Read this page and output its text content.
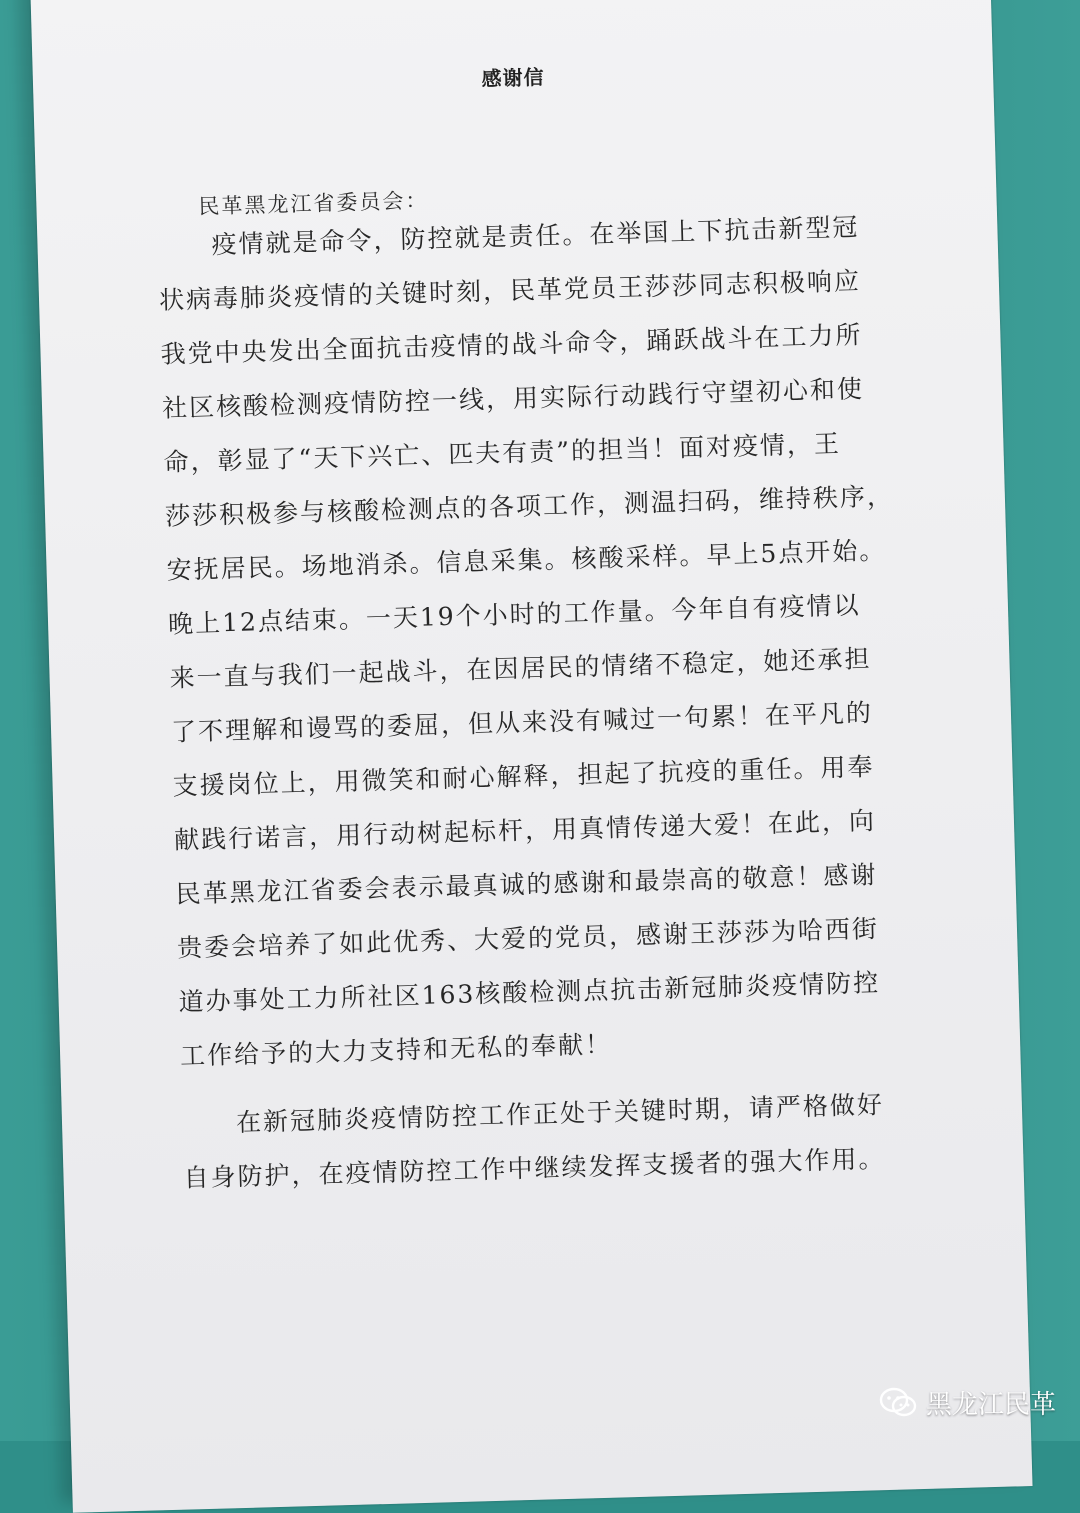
感谢信
民革黑龙江省委员会：
疫情就是命令，防控就是责任。在举国上下抗击新型冠
状病毒肺炎疫情的关键时刻，民革党员王莎莎同志积极响应
我党中央发出全面抗击疫情的战斗命令，踊跃战斗在工力所
社区核酸检测疫情防控一线，用实际行动践行守望初心和使
命，彰显了“天下兴亡、匹夫有责”的担当！面对疫情，王
莎莎积极参与核酸检测点的各项工作，测温扫码，维持秩序，
安抚居民。场地消杀。信息采集。核酸采样。早上5点开始。
晚上12点结束。一天19个小时的工作量。今年自有疫情以
来一直与我们一起战斗，在因居民的情绪不稳定，她还承担
了不理解和谩骂的委屈，但从来没有喊过一句累！在平凡的
支援岗位上，用微笑和耐心解释，担起了抗疫的重任。用奉
献践行诺言，用行动树起标杆，用真情传递大爱！在此，向
民革黑龙江省委会表示最真诚的感谢和最崇高的敬意！感谢
贵委会培养了如此优秀、大爱的党员，感谢王莎莎为哈西街
道办事处工力所社区163核酸检测点抗击新冠肺炎疫情防控
工作给予的大力支持和无私的奉献！
在新冠肺炎疫情防控工作正处于关键时期，请严格做好
自身防护，在疫情防控工作中继续发挥支援者的强大作用。
黑龙江民革
